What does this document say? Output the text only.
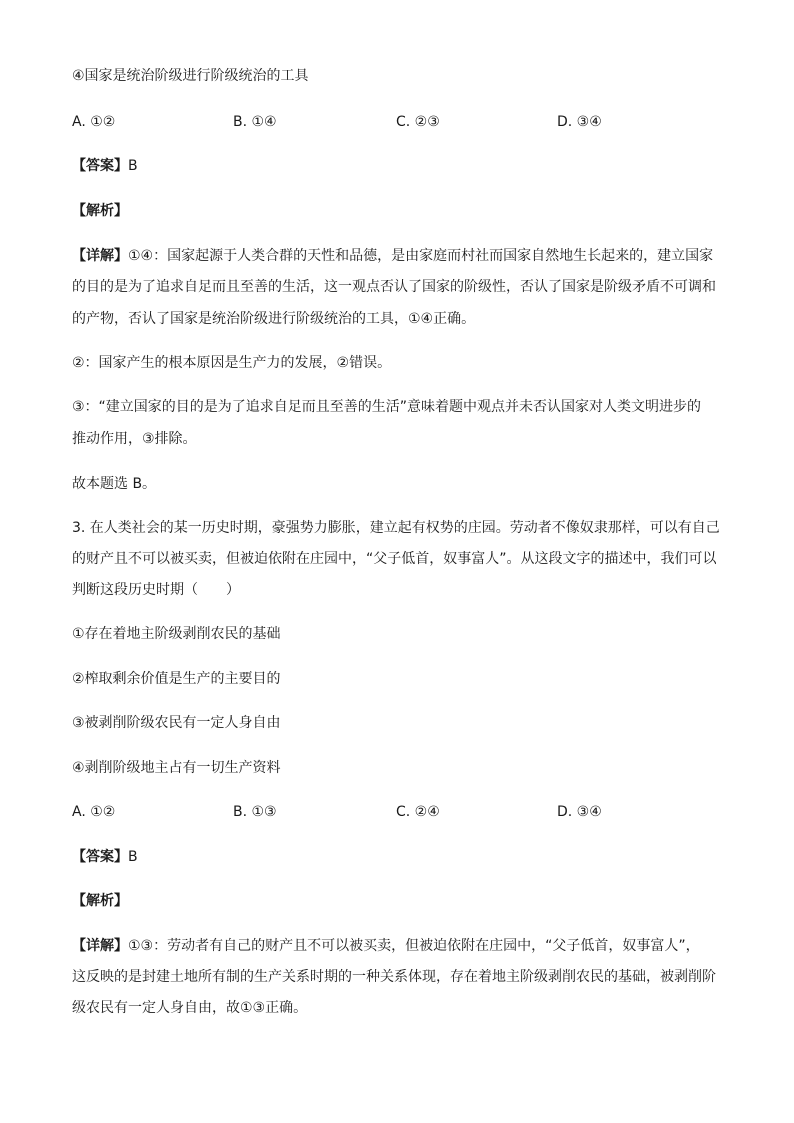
④国家是统治阶级进行阶级统治的工具
A. ①②	B. ①④	C. ②③	D. ③④
【答案】B
【解析】
【详解】①④：国家起源于人类合群的天性和品德，是由家庭而村社而国家自然地生长起来的，建立国家
的目的是为了追求自足而且至善的生活，这一观点否认了国家的阶级性，否认了国家是阶级矛盾不可调和
的产物，否认了国家是统治阶级进行阶级统治的工具，①④正确。
②：国家产生的根本原因是生产力的发展，②错误。
③：“建立国家的目的是为了追求自足而且至善的生活”意味着题中观点并未否认国家对人类文明进步的
推动作用，③排除。
故本题选 B。
3. 在人类社会的某一历史时期，豪强势力膨胀，建立起有权势的庄园。劳动者不像奴隶那样，可以有自己
的财产且不可以被买卖，但被迫依附在庄园中，“父子低首，奴事富人”。从这段文字的描述中，我们可以
判断这段历史时期（　　）
①存在着地主阶级剥削农民的基础
②榨取剩余价值是生产的主要目的
③被剥削阶级农民有一定人身自由
④剥削阶级地主占有一切生产资料
A. ①②	B. ①③	C. ②④	D. ③④
【答案】B
【解析】
【详解】①③：劳动者有自己的财产且不可以被买卖，但被迫依附在庄园中，“父子低首，奴事富人”，
这反映的是封建土地所有制的生产关系时期的一种关系体现，存在着地主阶级剥削农民的基础，被剥削阶
级农民有一定人身自由，故①③正确。
